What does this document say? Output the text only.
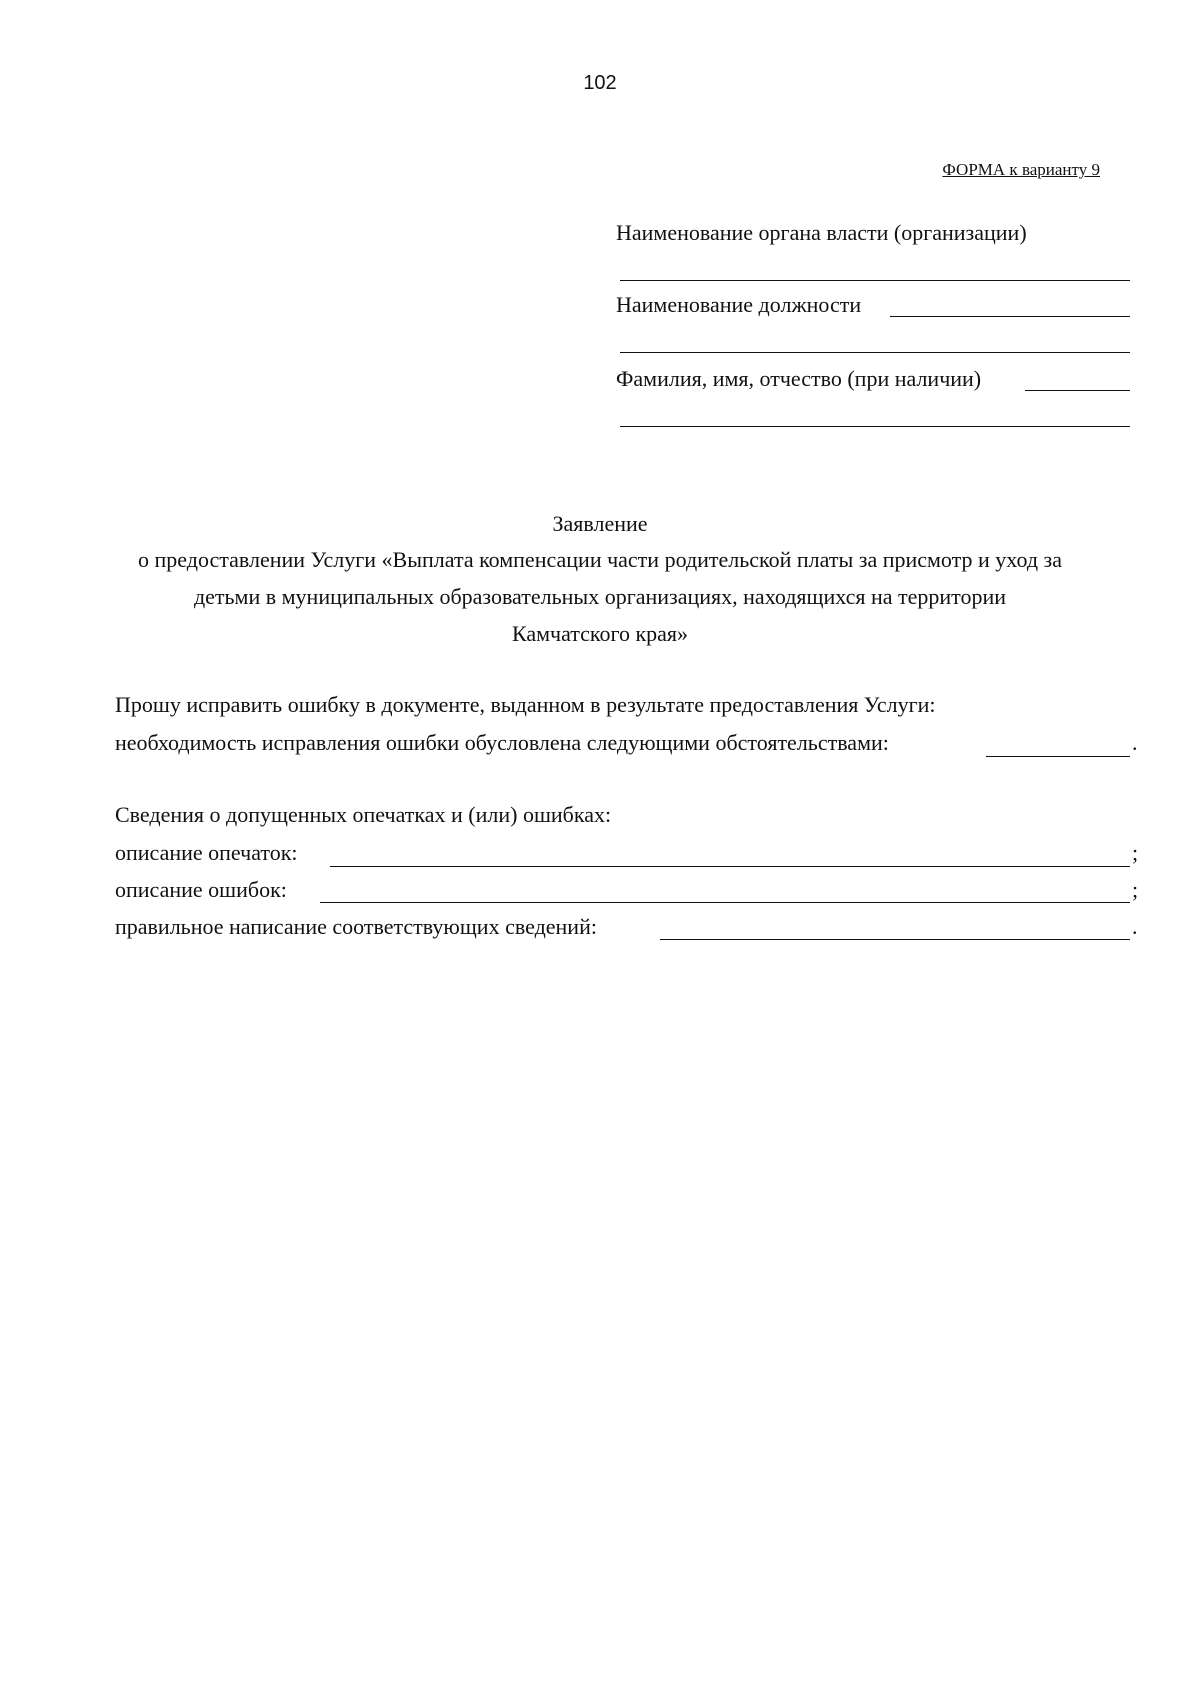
102
ФОРМА к варианту 9
Наименование органа власти (организации)
Наименование должности
Фамилия, имя, отчество (при наличии)
Заявление
о предоставлении Услуги «Выплата компенсации части родительской платы за присмотр и уход за
детьми в муниципальных образовательных организациях, находящихся на территории
Камчатского края»
Прошу исправить ошибку в документе, выданном в результате предоставления Услуги:
необходимость исправления ошибки обусловлена следующими обстоятельствами:	.
Сведения о допущенных опечатках и (или) ошибках:
описание опечаток:	;
описание ошибок:	;
правильное написание соответствующих сведений:	.
